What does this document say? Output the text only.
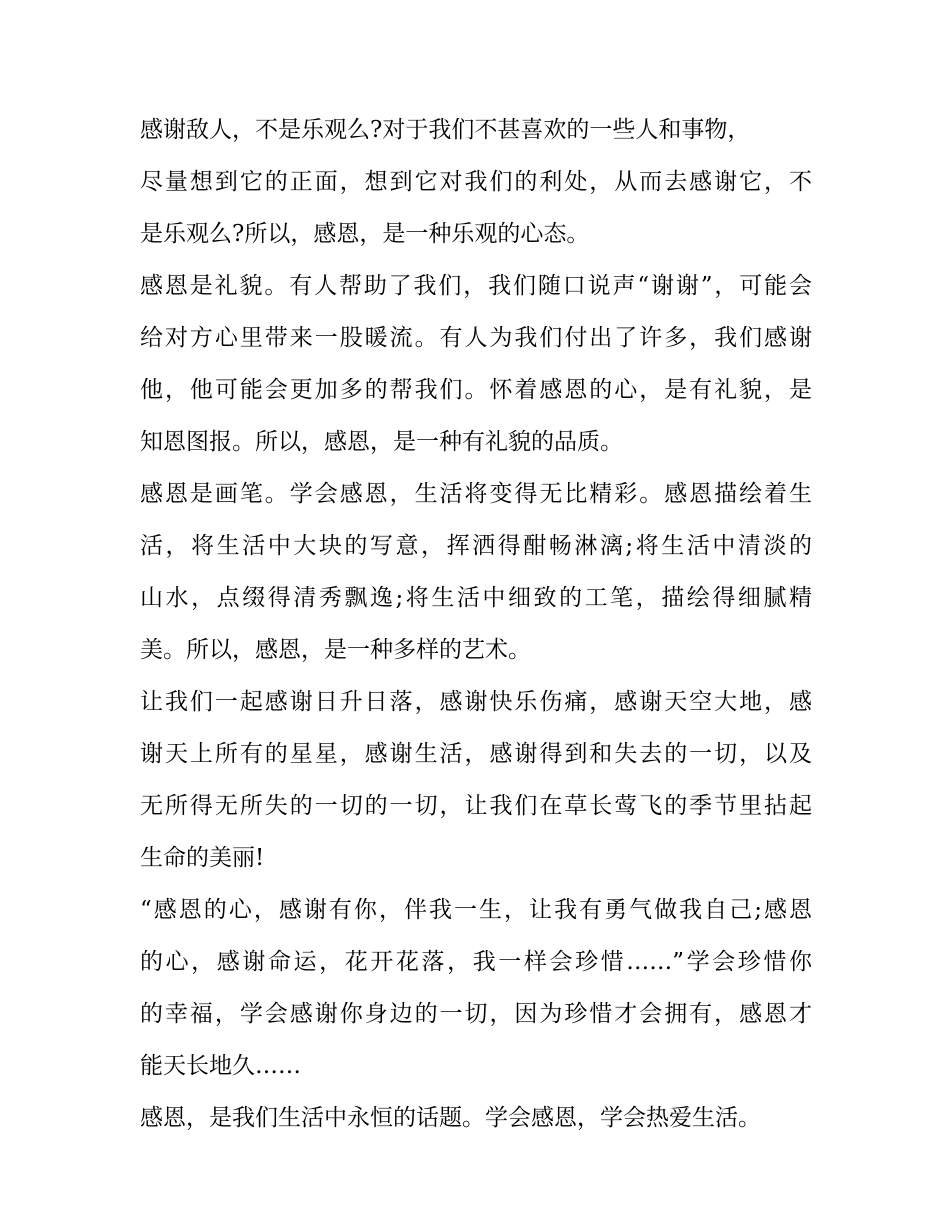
感谢敌人，不是乐观么?对于我们不甚喜欢的一些人和事物，
尽量想到它的正面，想到它对我们的利处，从而去感谢它，不
是乐观么?所以，感恩，是一种乐观的心态。
感恩是礼貌。有人帮助了我们，我们随口说声“谢谢”，可能会
给对方心里带来一股暖流。有人为我们付出了许多，我们感谢
他，他可能会更加多的帮我们。怀着感恩的心，是有礼貌，是
知恩图报。所以，感恩，是一种有礼貌的品质。
感恩是画笔。学会感恩，生活将变得无比精彩。感恩描绘着生
活，将生活中大块的写意，挥洒得酣畅淋漓;将生活中清淡的
山水，点缀得清秀飘逸;将生活中细致的工笔，描绘得细腻精
美。所以，感恩，是一种多样的艺术。
让我们一起感谢日升日落，感谢快乐伤痛，感谢天空大地，感
谢天上所有的星星，感谢生活，感谢得到和失去的一切，以及
无所得无所失的一切的一切，让我们在草长莺飞的季节里拈起
生命的美丽!
“感恩的心，感谢有你，伴我一生，让我有勇气做我自己;感恩
的心，感谢命运，花开花落，我一样会珍惜……”学会珍惜你
的幸福，学会感谢你身边的一切，因为珍惜才会拥有，感恩才
能天长地久……
感恩，是我们生活中永恒的话题。学会感恩，学会热爱生活。
